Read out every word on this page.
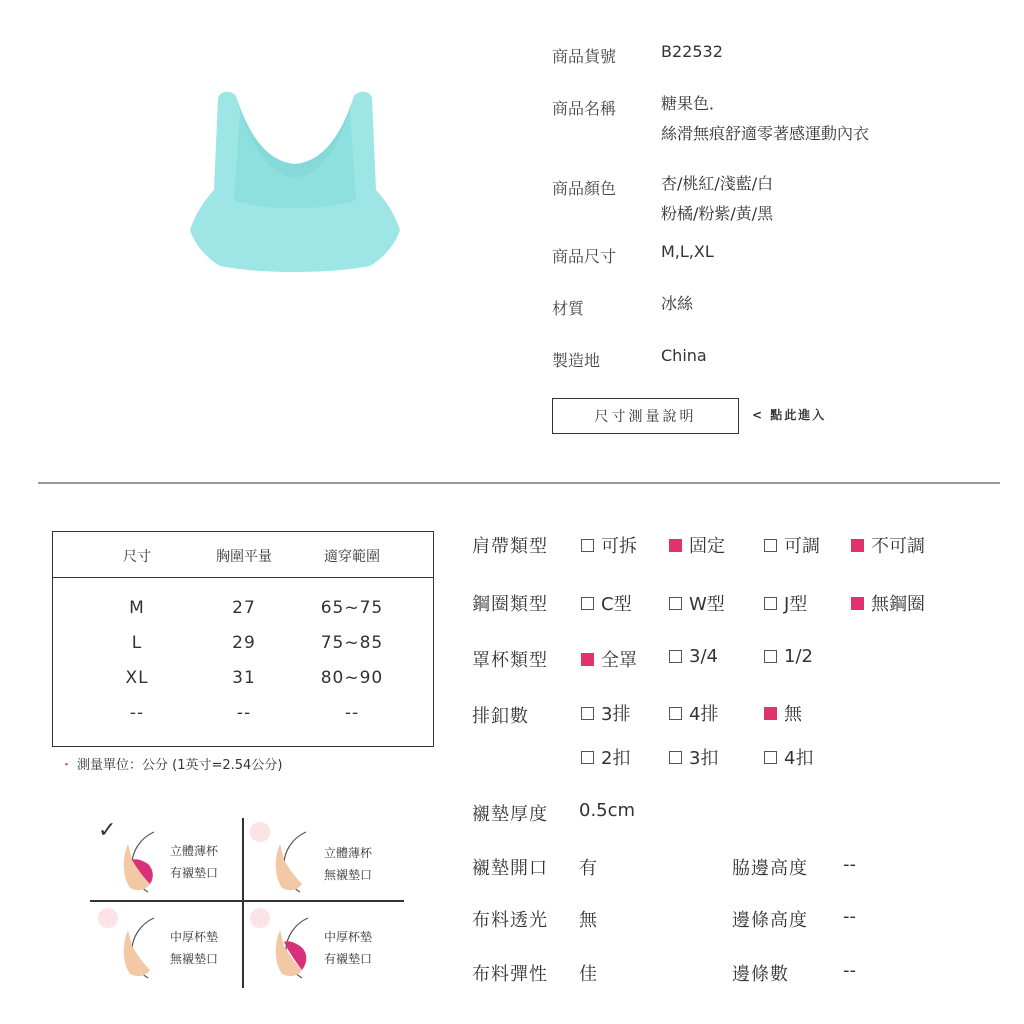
商品貨號	B22532
商品名稱	糖果色．
絲滑無痕舒適零著感運動內衣
商品顏色	杏/桃紅/淺藍/白
粉橘/粉紫/黃/黑
商品尺寸	M,L,XL
材質	冰絲
製造地	China
尺寸測量說明	< 點此進入
尺寸	胸圍平量	適穿範圍
M	27	65~75
L	29	75~85
XL	31	80~90
--	--	--
・ 測量單位：公分 (1英寸=2.54公分)
✓
立體薄杯
有襯墊口
立體薄杯
無襯墊口
中厚杯墊
無襯墊口
中厚杯墊
有襯墊口
肩帶類型	可拆	固定	可調	不可調
鋼圈類型	C型	W型	J型	無鋼圈
罩杯類型	全罩	3/4	1/2
排釦數	3排	4排	無
2扣	3扣	4扣
襯墊厚度 0.5cm
襯墊開口 有	脇邊高度 --
布料透光 無	邊條高度 --
布料彈性 佳	邊條數	--
